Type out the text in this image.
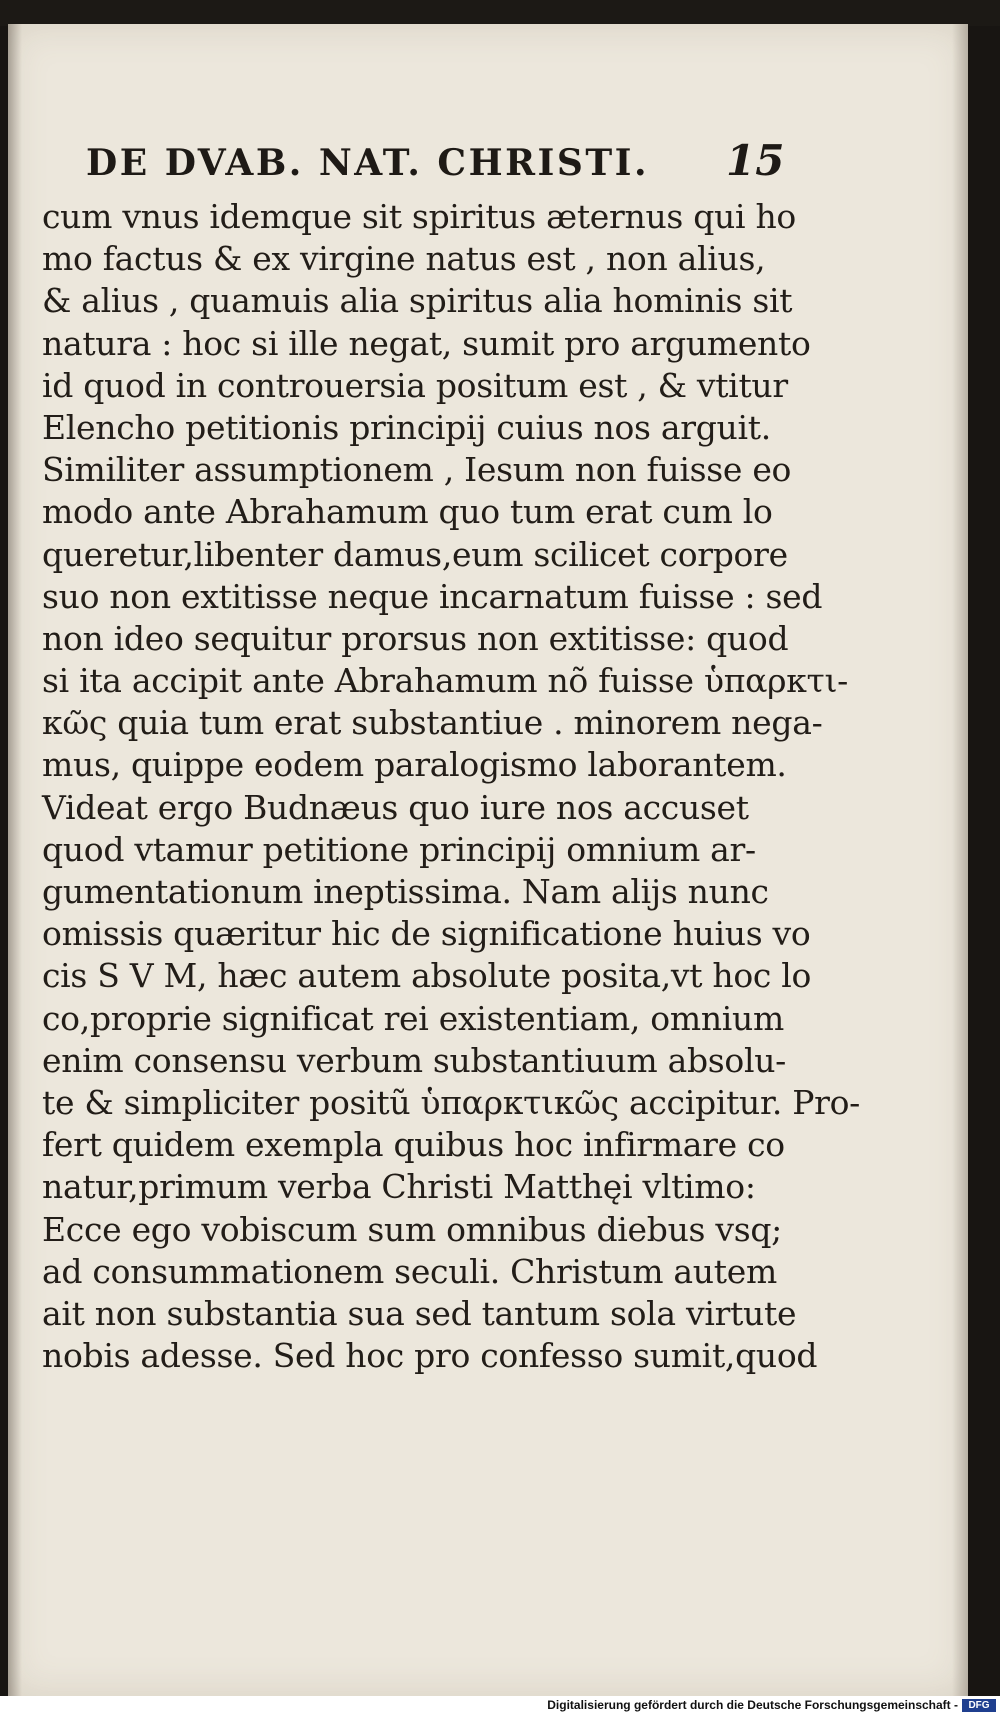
DE DVAB. NAT. CHRISTI. 15
cum vnus idemque sit spiritus æternus qui ho
mo factus & ex virgine natus est , non alius,
& alius , quamuis alia spiritus alia hominis sit
natura : hoc si ille negat, sumit pro argumento
id quod in controuersia positum est , & vtitur
Elencho petitionis principij cuius nos arguit.
Similiter assumptionem , Iesum non fuisse eo
modo ante Abrahamum quo tum erat cum lo
queretur,libenter damus,eum scilicet corpore
suo non extitisse neque incarnatum fuisse : sed
non ideo sequitur prorsus non extitisse: quod
si ita accipit ante Abrahamum nõ fuisse ὑπαρκτι-
κῶς quia tum erat substantiue . minorem nega-
mus, quippe eodem paralogismo laborantem.
Videat ergo Budnæus quo iure nos accuset
quod vtamur petitione principij omnium ar-
gumentationum ineptissima. Nam alijs nunc
omissis quæritur hic de significatione huius vo
cis S V M, hæc autem absolute posita,vt hoc lo
co,proprie significat rei existentiam, omnium
enim consensu verbum substantiuum absolu-
te & simpliciter positũ ὑπαρκτικῶς accipitur. Pro-
fert quidem exempla quibus hoc infirmare co
natur,primum verba Christi Matthęi vltimo:
Ecce ego vobiscum sum omnibus diebus vsq;
ad consummationem seculi. Christum autem
ait non substantia sua sed tantum sola virtute
nobis adesse. Sed hoc pro confesso sumit,quod
Digitalisierung gefördert durch die Deutsche Forschungsgemeinschaft -	DFG
